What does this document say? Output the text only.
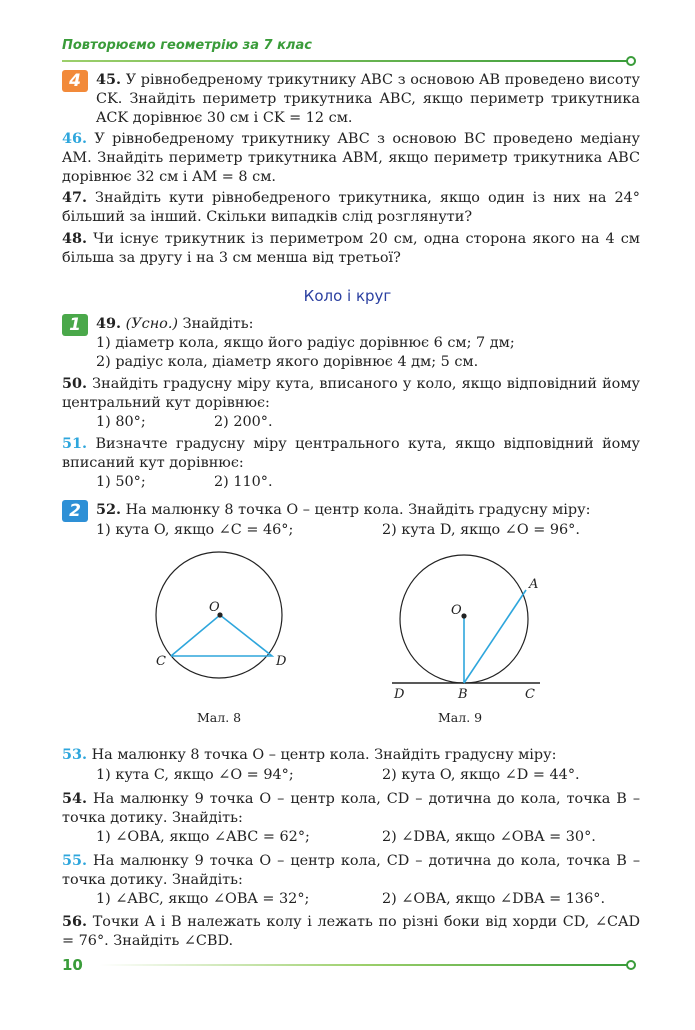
Повторюємо геометрію за 7 клас
4	45. У рівнобедреному трикутнику ABC з основою AB проведено висоту CK. Знайдіть периметр трикутника ABC, якщо периметр трикутника ACK дорівнює 30 см і CK = 12 см.
46. У рівнобедреному трикутнику ABC з основою BC проведено медіану AM. Знайдіть периметр трикутника ABM, якщо периметр трикутника ABC дорівнює 32 см і AM = 8 см.
47. Знайдіть кути рівнобедреного трикутника, якщо один із них на 24° більший за інший. Скільки випадків слід розглянути?
48. Чи існує трикутник із периметром 20 см, одна сторона якого на 4 см більша за другу і на 3 см менша від третьої?
Коло і круг
1	49. (Усно.) Знайдіть:
1) діаметр кола, якщо його радіус дорівнює 6 см; 7 дм;
2) радіус кола, діаметр якого дорівнює 4 дм; 5 см.
50. Знайдіть градусну міру кута, вписаного у коло, якщо відповідний йому центральний кут дорівнює:
1) 80°;	2) 200°.
51. Визначте градусну міру центрального кута, якщо відповідний йому вписаний кут дорівнює:
1) 50°;	2) 110°.
2	52. На малюнку 8 точка O – центр кола. Знайдіть градусну міру:
1) кута O, якщо ∠C = 46°;	2) кута D, якщо ∠O = 96°.
O
C	D
Мал. 8
O
A
B	C
D
Мал. 9
53. На малюнку 8 точка O – центр кола. Знайдіть градусну міру:
1) кута C, якщо ∠O = 94°;	2) кута O, якщо ∠D = 44°.
54. На малюнку 9 точка O – центр кола, CD – дотична до кола, точка B – точка дотику. Знайдіть:
1) ∠OBA, якщо ∠ABC = 62°;	2) ∠DBA, якщо ∠OBA = 30°.
55. На малюнку 9 точка O – центр кола, CD – дотична до кола, точка B – точка дотику. Знайдіть:
1) ∠ABC, якщо ∠OBA = 32°;	2) ∠OBA, якщо ∠DBA = 136°.
56. Точки A і B належать колу і лежать по різні боки від хорди CD, ∠CAD = 76°. Знайдіть ∠CBD.
10
